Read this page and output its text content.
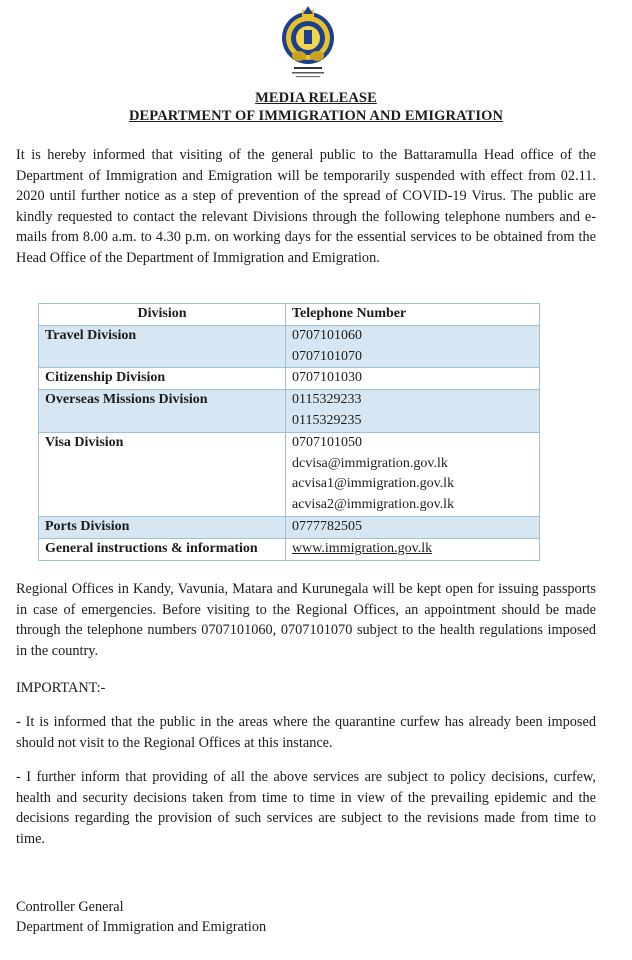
MEDIA RELEASE
DEPARTMENT OF IMMIGRATION AND EMIGRATION
It is hereby informed that visiting of the general public to the Battaramulla Head office of the Department of Immigration and Emigration will be temporarily suspended with effect from 02.11. 2020 until further notice as a step of prevention of the spread of COVID-19 Virus. The public are kindly requested to contact the relevant Divisions through the following telephone numbers and e-mails from 8.00 a.m. to 4.30 p.m. on working days for the essential services to be obtained from the Head Office of the Department of Immigration and Emigration.
Division	Telephone Number
Travel Division	0707101060
0707101070

Citizenship Division	0707101030

Overseas Missions Division	0115329233
0115329235

Visa Division	0707101050
dcvisa@immigration.gov.lk
acvisa1@immigration.gov.lk
acvisa2@immigration.gov.lk

Ports Division	0777782505

General instructions & information	www.immigration.gov.lk
Regional Offices in Kandy, Vavunia, Matara and Kurunegala will be kept open for issuing passports in case of emergencies. Before visiting to the Regional Offices, an appointment should be made through the telephone numbers 0707101060, 0707101070 subject to the health regulations imposed in the country.
IMPORTANT:-
- It is informed that the public in the areas where the quarantine curfew has already been imposed should not visit to the Regional Offices at this instance.
- I further inform that providing of all the above services are subject to policy decisions, curfew, health and security decisions taken from time to time in view of the prevailing epidemic and the decisions regarding the provision of such services are subject to the revisions made from time to time.
Controller General
Department of Immigration and Emigration
